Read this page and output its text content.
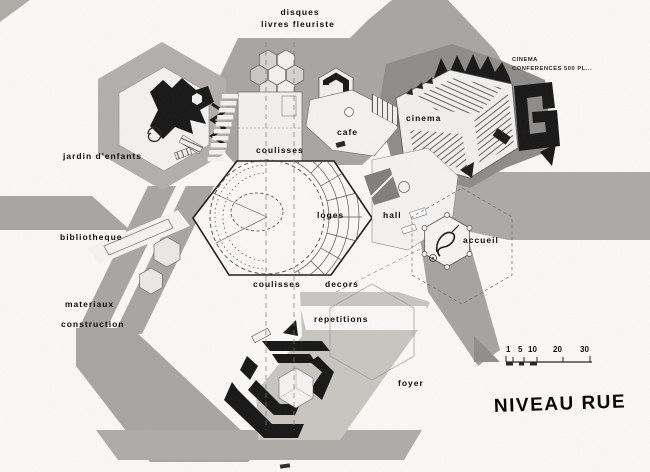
disques
livres fleuriste
CINEMA
CONFERENCES 500 PL...
jardin d'enfants
bibliotheque
materiaux
construction
coulisses
cafe
cinema
loges	hall
accueil
coulisses	decors
repetitions
foyer
NIVEAU RUE
1 5 10 20 30
